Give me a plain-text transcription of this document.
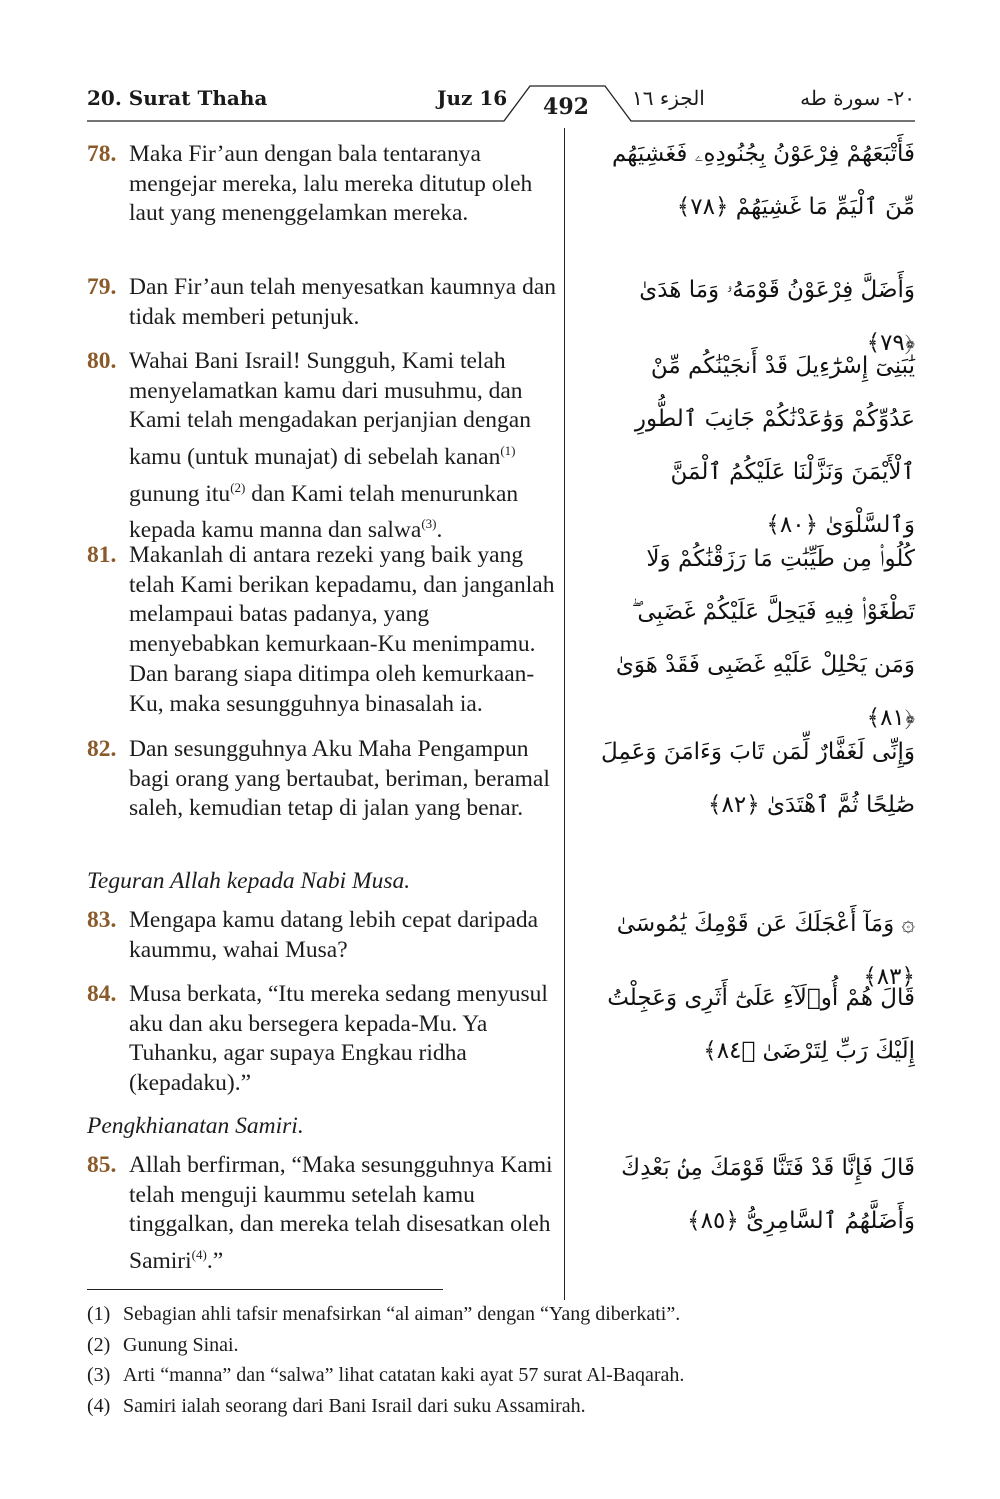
20. Surat Thaha	Juz 16	492	الجزء ١٦	٢٠- سورة طه
78. Maka Fir’aun dengan bala tentaranya mengejar mereka, lalu mereka ditutup oleh laut yang menenggelamkan mereka.
فَأَتْبَعَهُمْ فِرْعَوْنُ بِجُنُودِهِۦ فَغَشِيَهُم مِّنَ ٱلْيَمِّ مَا غَشِيَهُمْ ﴿٧٨﴾
79. Dan Fir’aun telah menyesatkan kaumnya dan tidak memberi petunjuk.
وَأَضَلَّ فِرْعَوْنُ قَوْمَهُۥ وَمَا هَدَىٰ ﴿٧٩﴾
80. Wahai Bani Israil! Sungguh, Kami telah menyelamatkan kamu dari musuhmu, dan Kami telah mengadakan perjanjian dengan kamu (untuk munajat) di sebelah kanan$^{(1)}$ gunung itu$^{(2)}$ dan Kami telah menurunkan kepada kamu manna dan salwa$^{(3)}$.
يَٰبَنِىٓ إِسْرَٰٓءِيلَ قَدْ أَنجَيْنَٰكُم مِّنْ عَدُوِّكُمْ وَوَٰعَدْنَٰكُمْ جَانِبَ ٱلطُّورِ ٱلْأَيْمَنَ وَنَزَّلْنَا عَلَيْكُمُ ٱلْمَنَّ وَٱلسَّلْوَىٰ ﴿٨٠﴾
81. Makanlah di antara rezeki yang baik yang telah Kami berikan kepadamu, dan janganlah melampaui batas padanya, yang menyebabkan kemurkaan-Ku menimpamu. Dan barang siapa ditimpa oleh kemurkaan-Ku, maka sesungguhnya binasalah ia.
كُلُوا۟ مِن طَيِّبَٰتِ مَا رَزَقْنَٰكُمْ وَلَا تَطْغَوْا۟ فِيهِ فَيَحِلَّ عَلَيْكُمْ غَضَبِى ۖ وَمَن يَحْلِلْ عَلَيْهِ غَضَبِى فَقَدْ هَوَىٰ ﴿٨١﴾
82. Dan sesungguhnya Aku Maha Pengampun bagi orang yang bertaubat, beriman, beramal saleh, kemudian tetap di jalan yang benar.
وَإِنِّى لَغَفَّارٌ لِّمَن تَابَ وَءَامَنَ وَعَمِلَ صَٰلِحًا ثُمَّ ٱهْتَدَىٰ ﴿٨٢﴾
Teguran Allah kepada Nabi Musa.
83. Mengapa kamu datang lebih cepat daripada kaummu, wahai Musa?
۞ وَمَآ أَعْجَلَكَ عَن قَوْمِكَ يَٰمُوسَىٰ ﴿٨٣﴾
84. Musa berkata, “Itu mereka sedang menyusul aku dan aku bersegera kepada-Mu. Ya Tuhanku, agar supaya Engkau ridha (kepadaku).”
قَالَ هُمْ أُو۟لَآءِ عَلَىٰٓ أَثَرِى وَعَجِلْتُ إِلَيْكَ رَبِّ لِتَرْضَىٰ ﴿٨٤﴾
Pengkhianatan Samiri.
85. Allah berfirman, “Maka sesungguhnya Kami telah menguji kaummu setelah kamu tinggalkan, dan mereka telah disesatkan oleh Samiri$^{(4)}$.”
قَالَ فَإِنَّا قَدْ فَتَنَّا قَوْمَكَ مِنۢ بَعْدِكَ وَأَضَلَّهُمُ ٱلسَّامِرِىُّ ﴿٨٥﴾
(1) Sebagian ahli tafsir menafsirkan “al aiman” dengan “Yang diberkati”.
(2) Gunung Sinai.
(3) Arti “manna” dan “salwa” lihat catatan kaki ayat 57 surat Al-Baqarah.
(4) Samiri ialah seorang dari Bani Israil dari suku Assamirah.
